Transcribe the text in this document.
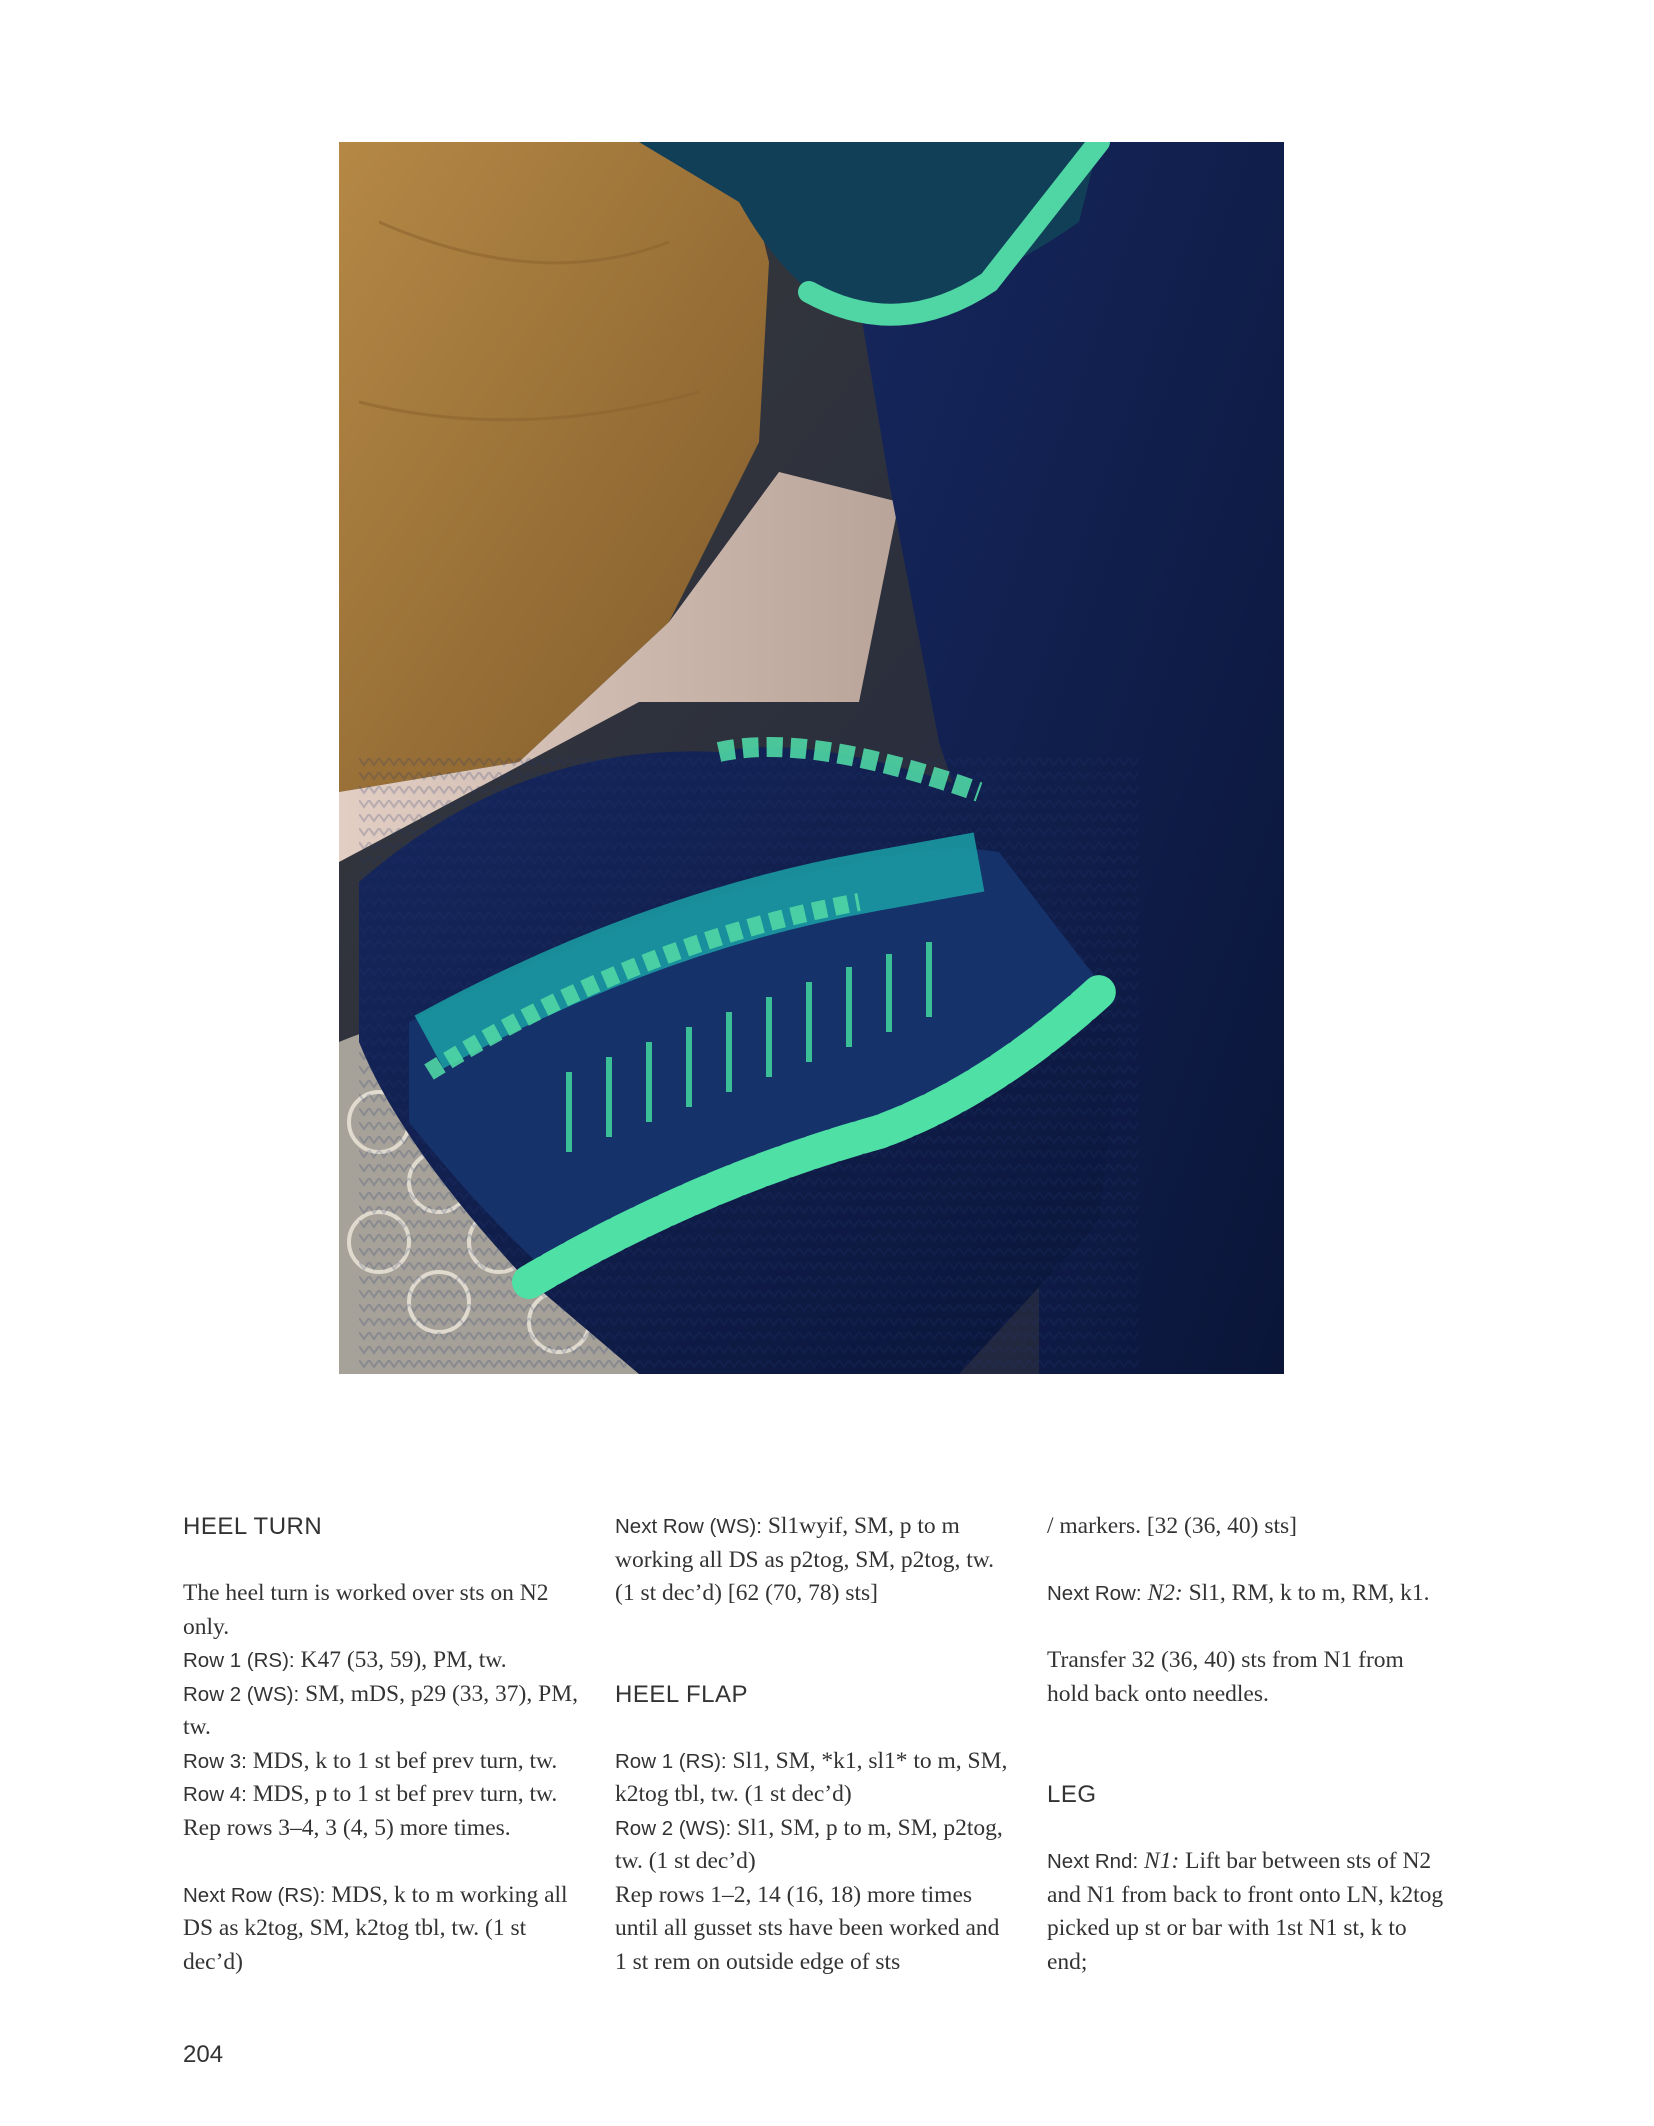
HEEL TURN

The heel turn is worked over sts on N2 only.

Row 1 (RS): K47 (53, 59), PM, tw.

Row 2 (WS): SM, mDS, p29 (33, 37), PM, tw.

Row 3: MDS, k to 1 st bef prev turn, tw.

Row 4: MDS, p to 1 st bef prev turn, tw.

Rep rows 3–4, 3 (4, 5) more times.

Next Row (RS): MDS, k to m working all DS as k2tog, SM, k2tog tbl, tw. (1 st dec’d)

Next Row (WS): Sl1wyif, SM, p to m working all DS as p2tog, SM, p2tog, tw. (1 st dec’d) [62 (70, 78) sts]

HEEL FLAP

Row 1 (RS): Sl1, SM, *k1, sl1* to m, SM, k2tog tbl, tw. (1 st dec’d)

Row 2 (WS): Sl1, SM, p to m, SM, p2tog, tw. (1 st dec’d)

Rep rows 1–2, 14 (16, 18) more times until all gusset sts have been worked and 1 st rem on outside edge of sts

/ markers. [32 (36, 40) sts]

Next Row: N2: Sl1, RM, k to m, RM, k1.

Transfer 32 (36, 40) sts from N1 from hold back onto needles.

LEG

Next Rnd: N1: Lift bar between sts of N2 and N1 from back to front onto LN, k2tog picked up st or bar with 1st N1 st, k to end;

204
